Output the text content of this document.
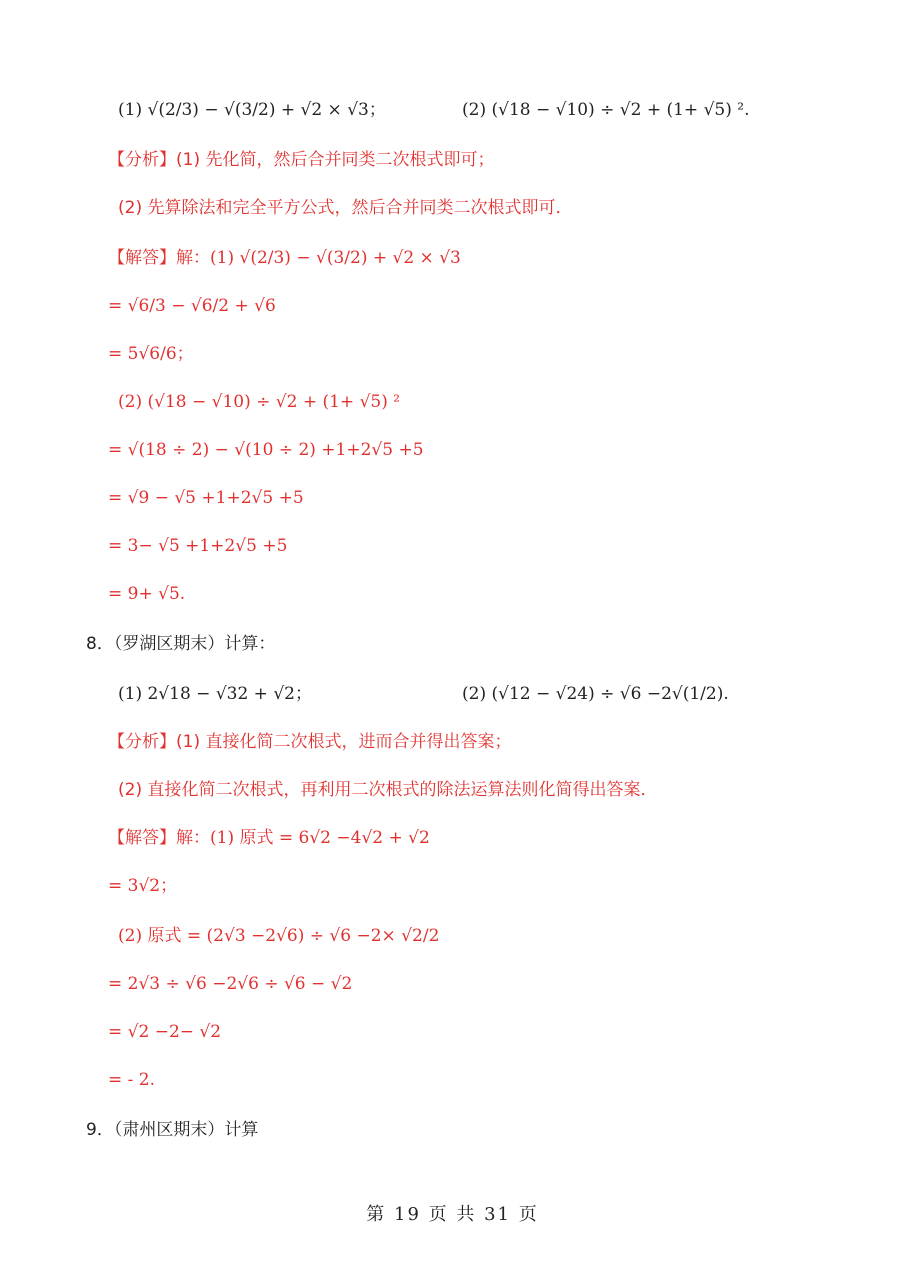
(1) √(2/3) − √(3/2) + √2 × √3；	(2) (√18 − √10) ÷ √2 + (1+ √5) ².
【分析】(1) 先化简，然后合并同类二次根式即可；
(2) 先算除法和完全平方公式，然后合并同类二次根式即可．
【解答】解：(1) √(2/3) − √(3/2) + √2 × √3
= √6/3 − √6/2 + √6
= 5√6/6；
(2) (√18 − √10) ÷ √2 + (1+ √5) ²
= √(18 ÷ 2) − √(10 ÷ 2) +1+2√5 +5
= √9 − √5 +1+2√5 +5
= 3− √5 +1+2√5 +5
= 9+ √5.
8．（罗湖区期末）计算：
(1) 2√18 − √32 + √2；	(2) (√12 − √24) ÷ √6 −2√(1/2).
【分析】(1) 直接化简二次根式，进而合并得出答案；
(2) 直接化简二次根式，再利用二次根式的除法运算法则化简得出答案．
【解答】解：(1) 原式 = 6√2 −4√2 + √2
= 3√2；
(2) 原式 = (2√3 −2√6) ÷ √6 −2× √2/2
= 2√3 ÷ √6 −2√6 ÷ √6 − √2
= √2 −2− √2
= - 2.
9．（肃州区期末）计算
第 19 页 共 31 页
